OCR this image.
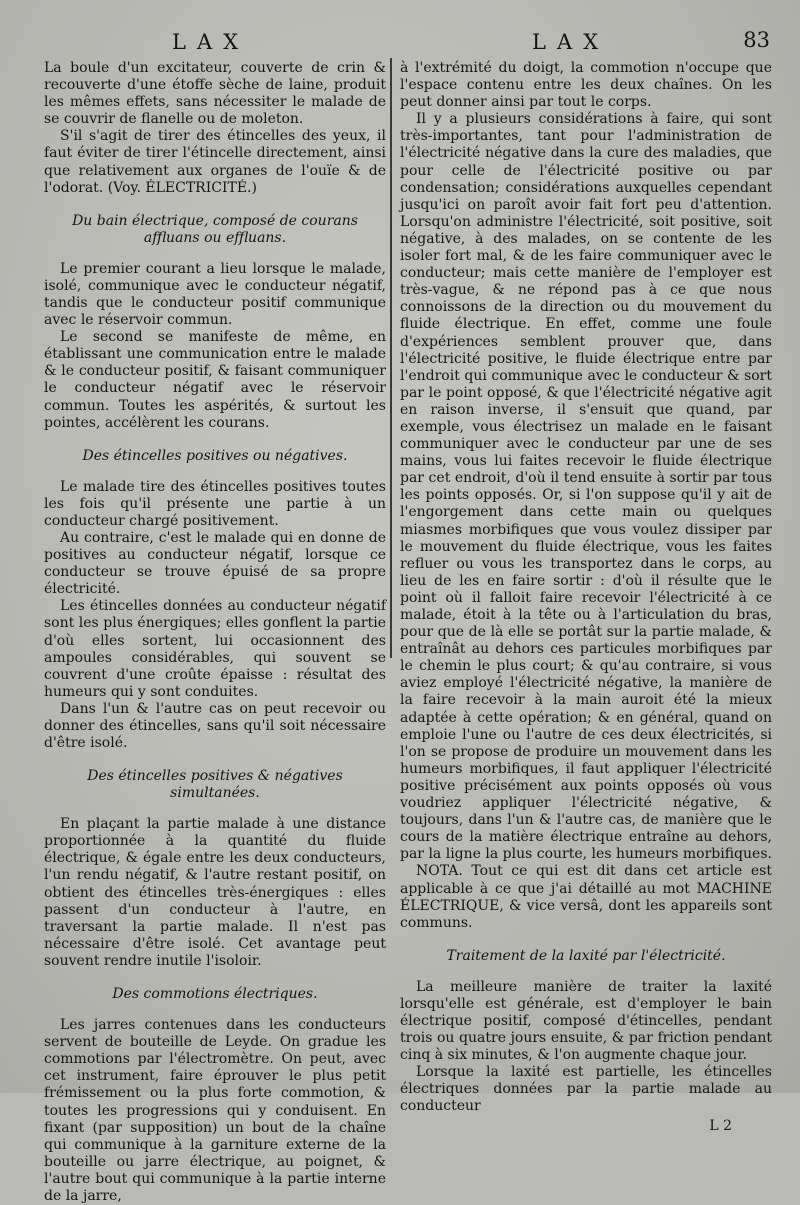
LAX	LAX	83

La boule d'un excitateur, couverte de crin & recouverte d'une étoffe sèche de laine, produit les mêmes effets, sans nécessiter le malade de se couvrir de flanelle ou de moleton.

S'il s'agit de tirer des étincelles des yeux, il faut éviter de tirer l'étincelle directement, ainsi que relativement aux organes de l'ouïe & de l'odorat. (Voy. ÉLECTRICITÉ.)

Du bain électrique, composé de courans affluans ou effluans.

Le premier courant a lieu lorsque le malade, isolé, communique avec le conducteur négatif, tandis que le conducteur positif communique avec le réservoir commun.

Le second se manifeste de même, en établissant une communication entre le malade & le conducteur positif, & faisant communiquer le conducteur négatif avec le réservoir commun. Toutes les aspérités, & surtout les pointes, accélèrent les courans.

Des étincelles positives ou négatives.

Le malade tire des étincelles positives toutes les fois qu'il présente une partie à un conducteur chargé positivement.

Au contraire, c'est le malade qui en donne de positives au conducteur négatif, lorsque ce conducteur se trouve épuisé de sa propre électricité.

Les étincelles données au conducteur négatif sont les plus énergiques; elles gonflent la partie d'où elles sortent, lui occasionnent des ampoules considérables, qui souvent se couvrent d'une croûte épaisse : résultat des humeurs qui y sont conduites.

Dans l'un & l'autre cas on peut recevoir ou donner des étincelles, sans qu'il soit nécessaire d'être isolé.

Des étincelles positives & négatives simultanées.

En plaçant la partie malade à une distance proportionnée à la quantité du fluide électrique, & égale entre les deux conducteurs, l'un rendu négatif, & l'autre restant positif, on obtient des étincelles très-énergiques : elles passent d'un conducteur à l'autre, en traversant la partie malade. Il n'est pas nécessaire d'être isolé. Cet avantage peut souvent rendre inutile l'isoloir.

Des commotions électriques.

Les jarres contenues dans les conducteurs servent de bouteille de Leyde. On gradue les commotions par l'électromètre. On peut, avec cet instrument, faire éprouver le plus petit frémissement ou la plus forte commotion, & toutes les progressions qui y conduisent. En fixant (par supposition) un bout de la chaîne qui communique à la garniture externe de la bouteille ou jarre électrique, au poignet, & l'autre bout qui communique à la partie interne de la jarre,

à l'extrémité du doigt, la commotion n'occupe que l'espace contenu entre les deux chaînes. On les peut donner ainsi par tout le corps.

Il y a plusieurs considérations à faire, qui sont très-importantes, tant pour l'administration de l'électricité négative dans la cure des maladies, que pour celle de l'électricité positive ou par condensation; considérations auxquelles cependant jusqu'ici on paroît avoir fait fort peu d'attention. Lorsqu'on administre l'électricité, soit positive, soit négative, à des malades, on se contente de les isoler fort mal, & de les faire communiquer avec le conducteur; mais cette manière de l'employer est très-vague, & ne répond pas à ce que nous connoissons de la direction ou du mouvement du fluide électrique. En effet, comme une foule d'expériences semblent prouver que, dans l'électricité positive, le fluide électrique entre par l'endroit qui communique avec le conducteur & sort par le point opposé, & que l'électricité négative agit en raison inverse, il s'ensuit que quand, par exemple, vous électrisez un malade en le faisant communiquer avec le conducteur par une de ses mains, vous lui faites recevoir le fluide électrique par cet endroit, d'où il tend ensuite à sortir par tous les points opposés. Or, si l'on suppose qu'il y ait de l'engorgement dans cette main ou quelques miasmes morbifiques que vous voulez dissiper par le mouvement du fluide électrique, vous les faites refluer ou vous les transportez dans le corps, au lieu de les en faire sortir : d'où il résulte que le point où il falloit faire recevoir l'électricité à ce malade, étoit à la tête ou à l'articulation du bras, pour que de là elle se portât sur la partie malade, & entraînât au dehors ces particules morbifiques par le chemin le plus court; & qu'au contraire, si vous aviez employé l'électricité négative, la manière de la faire recevoir à la main auroit été la mieux adaptée à cette opération; & en général, quand on emploie l'une ou l'autre de ces deux électricités, si l'on se propose de produire un mouvement dans les humeurs morbifiques, il faut appliquer l'électricité positive précisément aux points opposés où vous voudriez appliquer l'électricité négative, & toujours, dans l'un & l'autre cas, de manière que le cours de la matière électrique entraîne au dehors, par la ligne la plus courte, les humeurs morbifiques.

NOTA. Tout ce qui est dit dans cet article est applicable à ce que j'ai détaillé au mot MACHINE ÉLECTRIQUE, & vice versâ, dont les appareils sont communs.

Traitement de la laxité par l'électricité.

La meilleure manière de traiter la laxité lorsqu'elle est générale, est d'employer le bain électrique positif, composé d'étincelles, pendant trois ou quatre jours ensuite, & par friction pendant cinq à six minutes, & l'on augmente chaque jour.

Lorsque la laxité est partielle, les étincelles électriques données par la partie malade au conducteur

L 2
